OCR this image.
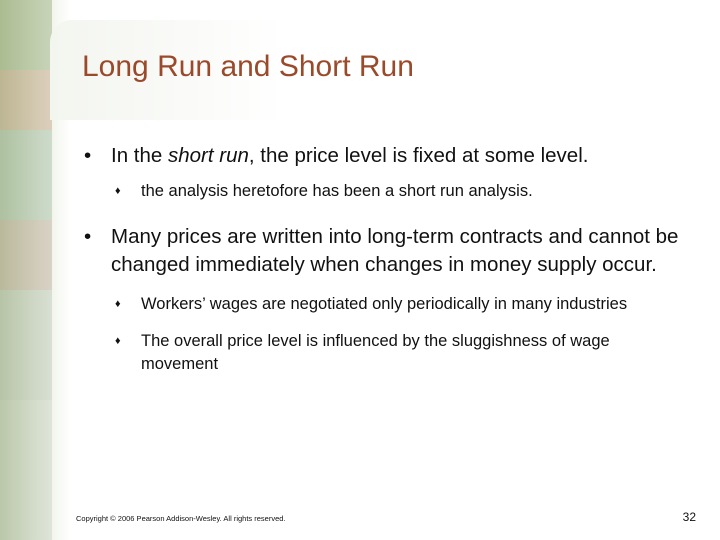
Long Run and Short Run
• In the short run, the price level is fixed at some level.
♦ the analysis heretofore has been a short run analysis.
• Many prices are written into long-term contracts and cannot be changed immediately when changes in money supply occur.
♦ Workers’ wages are negotiated only periodically in many industries
♦ The overall price level is influenced by the sluggishness of wage movement
Copyright © 2006 Pearson Addison-Wesley. All rights reserved.	32
